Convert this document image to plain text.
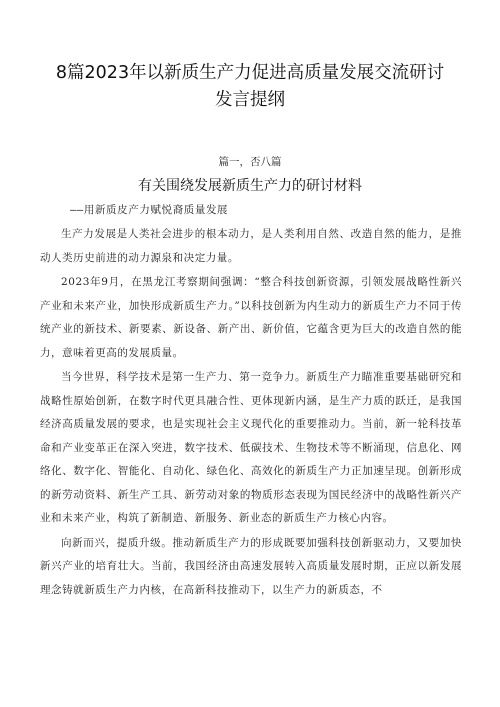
8篇2023年以新质生产力促进高质量发展交流研讨
发言提纲
篇一，否八篇
有关围绕发展新质生产力的研讨材料
——用新质皮产力赋悦裔质量发展

生产力发展是人类社会进步的根本动力，是人类利用自然、改造自然的能力，是推动人类历史前进的动力源泉和决定力量。

2023年9月，在黑龙江考察期间强调：“整合科技创新资源，引领发展战略性新兴产业和未来产业，加快形成新质生产力。”以科技创新为内生动力的新质生产力不同于传统产业的新技术、新要素、新设备、新产出、新价值，它蕴含更为巨大的改造自然的能力，意味着更高的发展质量。

当今世界，科学技术是第一生产力、第一竞争力。新质生产力瞄准重要基础研究和战略性原始创新，在数字时代更具融合性、更体现新内涵，是生产力质的跃迁，是我国经济高质量发展的要求，也是实现社会主义现代化的重要推动力。当前，新一轮科技革命和产业变革正在深入突进，数字技术、低碳技术、生物技术等不断涌现，信息化、网络化、数字化、智能化、自动化、绿色化、高效化的新质生产力正加速呈现。创新形成的新劳动资料、新生产工具、新劳动对象的物质形态表现为国民经济中的战略性新兴产业和未来产业，构筑了新制造、新服务、新业态的新质生产力核心内容。

向新而兴，提质升级。推动新质生产力的形成既要加强科技创新驱动力，又要加快新兴产业的培育壮大。当前，我国经济由高速发展转入高质量发展时期，正应以新发展理念铸就新质生产力内核，在高新科技推动下，以生产力的新质态，不
